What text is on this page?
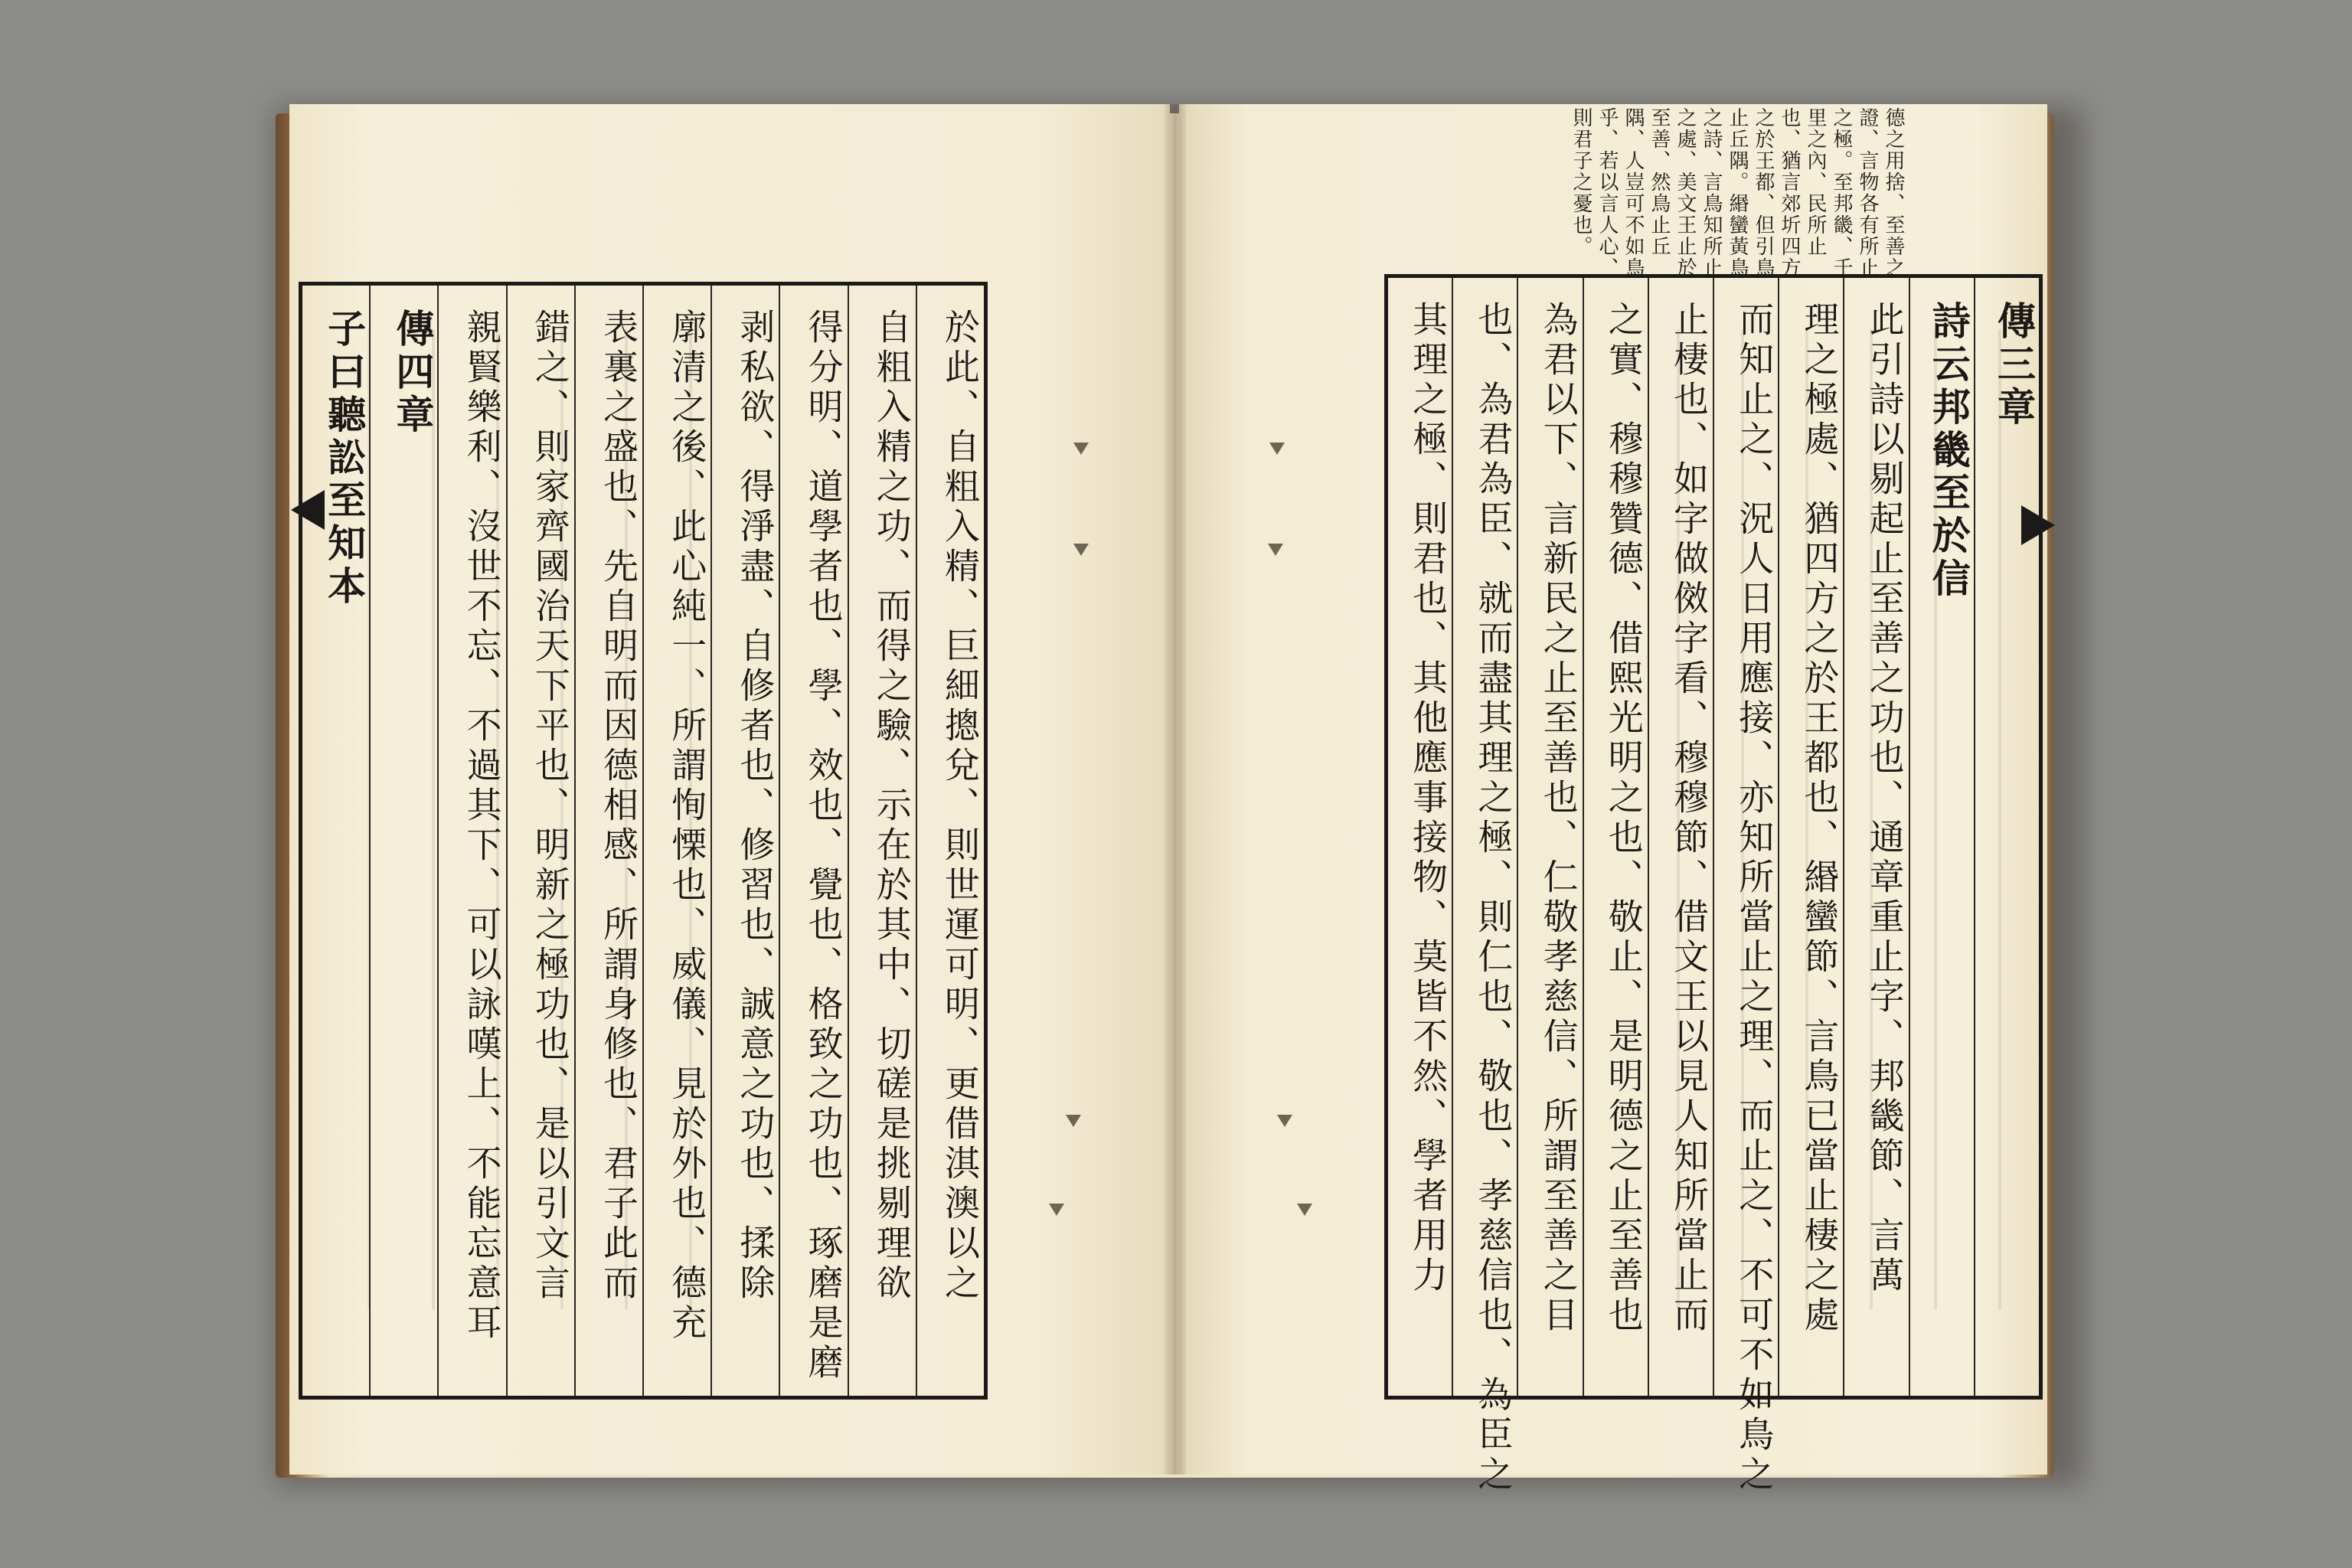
於此、自粗入精、巨細摠兌、則世運可明、更借淇澳以之
自粗入精之功、而得之驗、示在於其中、切磋是挑剔理欲
得分明、道學者也、學、效也、覺也、格致之功也、琢磨是磨
剥私欲、得淨盡、自修者也、修習也、誠意之功也、揉除
廓清之後、此心純一、所謂恂慄也、威儀、見於外也、德充
表裏之盛也、先自明而因德相感、所謂身修也、君子此而
錯之、則家齊國治天下平也、明新之極功也、是以引文言
親賢樂利、沒世不忘、不過其下、可以詠嘆上、不能忘意耳
傳四章
子曰聽訟至知本
德之用捨、至善之證、言物各有所止之極。至邦畿、千里之內、民所止也、猶言郊圻四方之於王都、但引鳥止丘隅。緡蠻黃鳥之詩、言鳥知所止之處、美文王止於至善、然鳥止丘隅、人豈可不如鳥乎、若以言人心、則君子之憂也。
傳三章
詩云邦畿至於信
此引詩以剔起止至善之功也、通章重止字、邦畿節、言萬
理之極處、猶四方之於王都也、緡蠻節、言鳥已當止棲之處
而知止之、況人日用應接、亦知所當止之理、而止之、不可不如鳥之
止棲也、如字做傚字看、穆穆節、借文王以見人知所當止而
之實、穆穆贊德、借熙光明之也、敬止、是明德之止至善也
為君以下、言新民之止至善也、仁敬孝慈信、所謂至善之目
也、為君為臣、就而盡其理之極、則仁也、敬也、孝慈信也、為臣之
其理之極、則君也、其他應事接物、莫皆不然、學者用力
